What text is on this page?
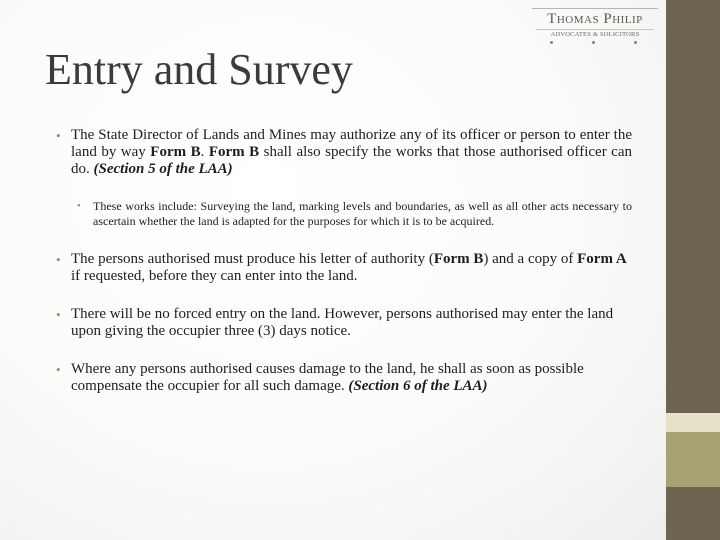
Thomas Philip
ADVOCATES & SOLICITORS
Entry and Survey
• The State Director of Lands and Mines may authorize any of its officer or person to enter the land by way Form B. Form B shall also specify the works that those authorised officer can do. (Section 5 of the LAA)
• These works include: Surveying the land, marking levels and boundaries, as well as all other acts necessary to ascertain whether the land is adapted for the purposes for which it is to be acquired.
• The persons authorised must produce his letter of authority (Form B) and a copy of Form A if requested, before they can enter into the land.
• There will be no forced entry on the land. However, persons authorised may enter the land upon giving the occupier three (3) days notice.
• Where any persons authorised causes damage to the land, he shall as soon as possible compensate the occupier for all such damage. (Section 6 of the LAA)
